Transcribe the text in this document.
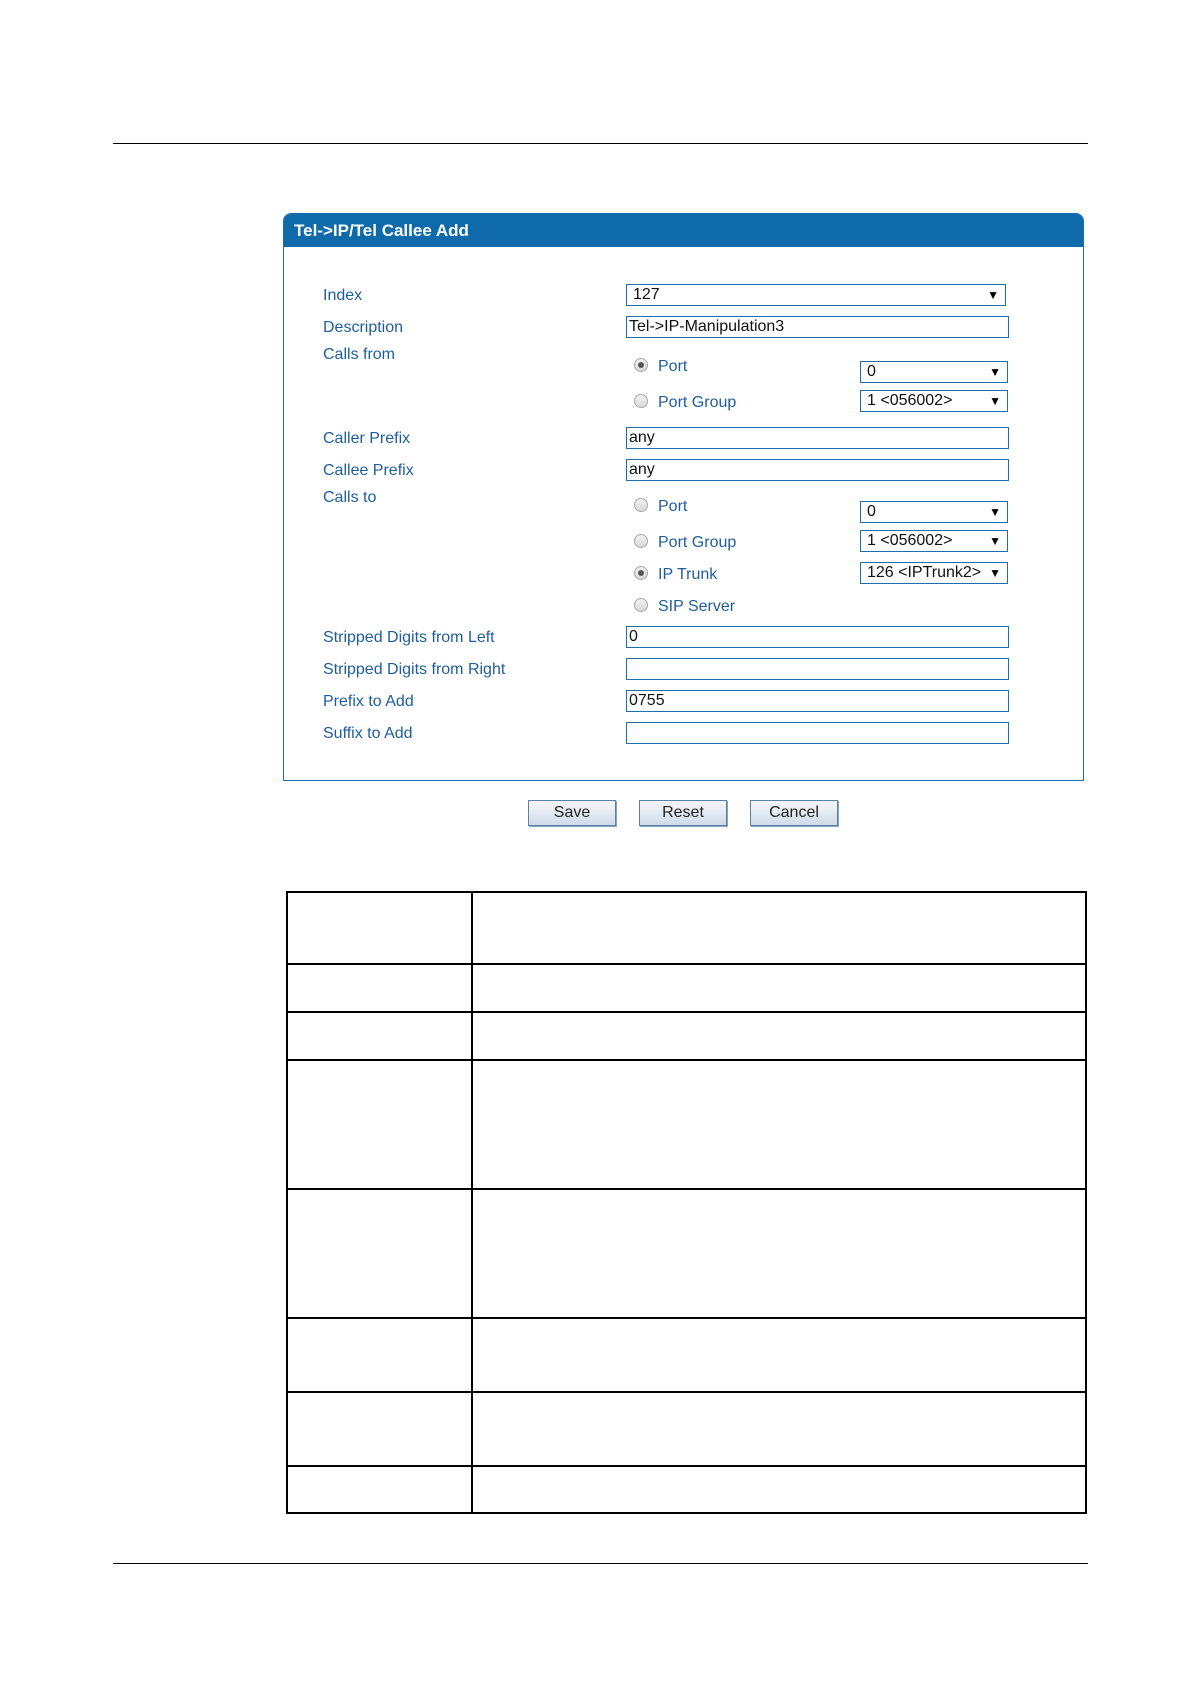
Tel->IP/Tel Callee Add
Index	127	▼
Description	Tel->IP-Manipulation3
Calls from
Port	0	▼
Port Group	1 <056002>	▼
Caller Prefix	any
Callee Prefix	any
Calls to
Port	0	▼
Port Group	1 <056002>	▼
IP Trunk	126 <IPTrunk2> ▼
SIP Server
Stripped Digits from Left	0
Stripped Digits from Right
Prefix to Add	0755
Suffix to Add
Save	Reset	Cancel
